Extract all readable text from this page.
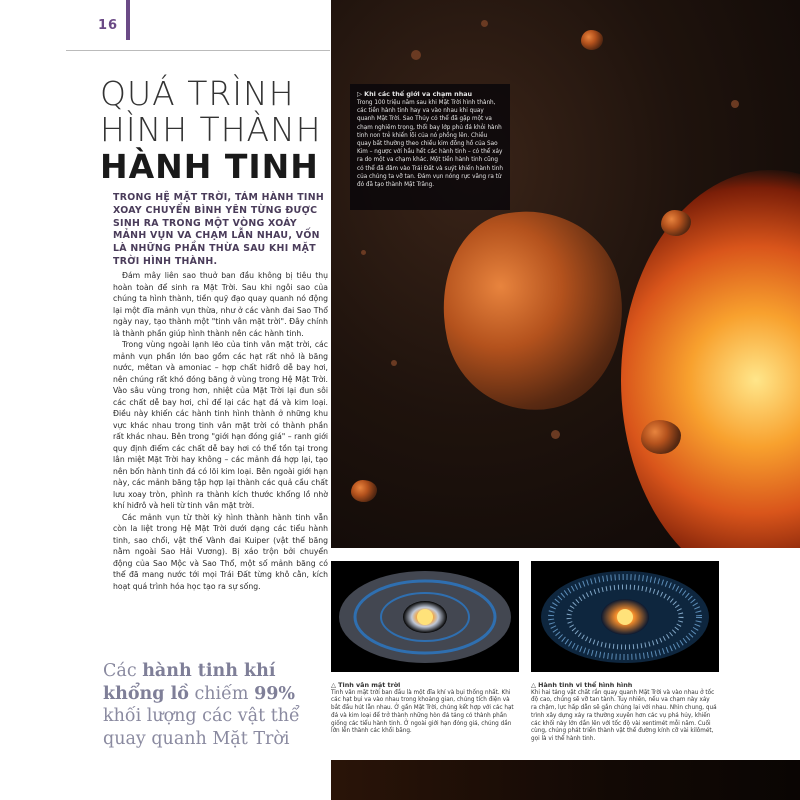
16
QUÁ TRÌNH
HÌNH THÀNH
HÀNH TINH
TRONG HỆ MẶT TRỜI, TÁM HÀNH TINH XOAY CHUYỂN BÌNH YÊN TỪNG ĐƯỢC SINH RA TRONG MỘT VÒNG XOÁY MẢNH VỤN VA CHẠM LẪN NHAU, VỐN LÀ NHỮNG PHẦN THỪA SAU KHI MẶT TRỜI HÌNH THÀNH.

Đám mây liên sao thuở ban đầu không bị tiêu thụ hoàn toàn để sinh ra Mặt Trời. Sau khi ngôi sao của chúng ta hình thành, tiền quỹ đạo quay quanh nó động lại một đĩa mảnh vụn thừa, như ở các vành đai Sao Thổ ngày nay, tạo thành một "tinh vân mặt trời". Đây chính là thành phần giúp hình thành nên các hành tinh.

Trong vùng ngoài lạnh lẽo của tinh vân mặt trời, các mảnh vụn phần lớn bao gồm các hạt rất nhỏ là băng nước, mêtan và amoniac – hợp chất hiđrô dễ bay hơi, nên chúng rất khó đóng băng ở vùng trong Hệ Mặt Trời. Vào sâu vùng trong hơn, nhiệt của Mặt Trời lại đun sôi các chất dễ bay hơi, chỉ để lại các hạt đá và kim loại. Điều này khiến các hành tinh hình thành ở những khu vực khác nhau trong tinh vân mặt trời có thành phần rất khác nhau. Bên trong "giới hạn đóng giá" – ranh giới quy định điểm các chất dễ bay hơi có thể tồn tại trong lân miệt Mặt Trời hay không – các mảnh đá hợp lại, tạo nên bốn hành tinh đá có lõi kim loại. Bên ngoài giới hạn này, các mảnh băng tập hợp lại thành các quả cầu chất lưu xoay tròn, phình ra thành kích thước khổng lồ nhờ khí hiđrô và heli từ tinh vân mặt trời.

Các mảnh vụn từ thời kỳ hình thành hành tinh vẫn còn la liệt trong Hệ Mặt Trời dưới dạng các tiểu hành tinh, sao chổi, vật thể Vành đai Kuiper (vật thể băng nằm ngoài Sao Hải Vương). Bị xáo trộn bởi chuyển động của Sao Mộc và Sao Thổ, một số mảnh băng có thể đã mang nước tới mọi Trái Đất từng khô cằn, kích hoạt quá trình hóa học tạo ra sự sống.

Các hành tinh khí khổng lồ chiếm 99% khối lượng các vật thể quay quanh Mặt Trời
▷ Khi các thế giới va chạm nhau
Trong 100 triệu năm sau khi Mặt Trời hình thành, các tiền hành tinh hay va vào nhau khi quay quanh Mặt Trời. Sao Thủy có thể đã gặp một va chạm nghiêm trọng, thổi bay lớp phủ đá khỏi hành tinh non trẻ khiến lõi của nó phồng lên. Chiều quay bất thường theo chiều kim đồng hồ của Sao Kim – ngược với hầu hết các hành tinh – có thể xảy ra do một va chạm khác. Một tiền hành tinh cũng có thể đã đâm vào Trái Đất và suýt khiến hành tinh của chúng ta vỡ tan. Đám vụn nóng rực văng ra từ đó đã tạo thành Mặt Trăng.
△ Tinh vân mặt trời
Tinh vân mặt trời ban đầu là một đĩa khí và bụi thống nhất. Khi các hạt bụi va vào nhau trong khoảng gian, chúng tích điện và bắt đầu hút lẫn nhau. Ở gần Mặt Trời, chúng kết hợp với các hạt đá và kim loại để trở thành những hòn đá tảng có thành phần giống các tiểu hành tinh. Ở ngoài giới hạn đóng giá, chúng dần lớn lên thành các khối băng.
△ Hành tinh vi thể hình hình
Khi hai tảng vật chất rắn quay quanh Mặt Trời và vào nhau ở tốc độ cao, chúng sẽ vỡ tan tành. Tuy nhiên, nếu va chạm này xảy ra chậm, lực hấp dẫn sẽ gắn chúng lại với nhau. Nhìn chung, quá trình xây dựng xảy ra thường xuyên hơn các vụ phá hủy, khiến các khối này lớn dần lên với tốc độ vài xentimét mỗi năm. Cuối cùng, chúng phát triển thành vật thể đường kính cỡ vài kilômét, gọi là vi thể hành tinh.
